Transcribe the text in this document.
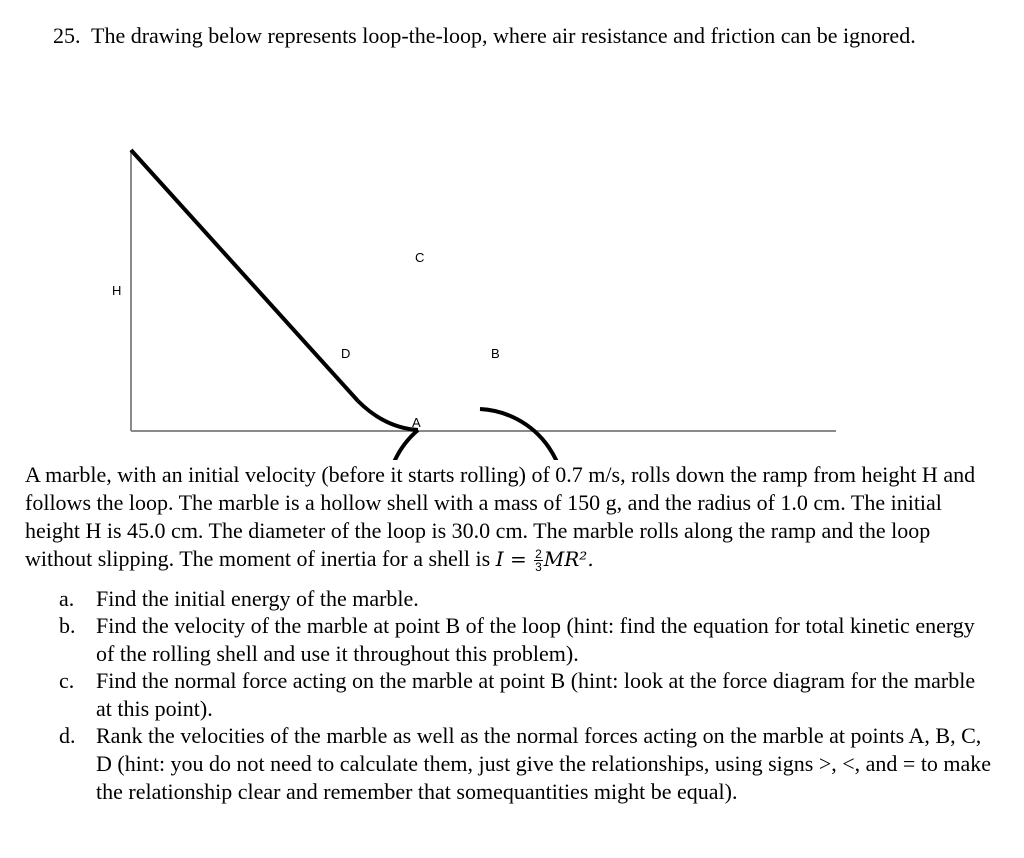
25. The drawing below represents loop-the-loop, where air resistance and friction can be ignored.
H
C
D	B
A
A marble, with an initial velocity (before it starts rolling) of 0.7 m/s, rolls down the ramp from height H and follows the loop. The marble is a hollow shell with a mass of 150 g, and the radius of 1.0 cm. The initial height H is 45.0 cm. The diameter of the loop is 30.0 cm. The marble rolls along the ramp and the loop without slipping. The moment of inertia for a shell is $I = \frac{2}{3} MR^2$.
a. Find the initial energy of the marble.
b. Find the velocity of the marble at point B of the loop (hint: find the equation for total kinetic energy of the rolling shell and use it throughout this problem).
c. Find the normal force acting on the marble at point B (hint: look at the force diagram for the marble at this point).
d. Rank the velocities of the marble as well as the normal forces acting on the marble at points A, B, C, D (hint: you do not need to calculate them, just give the relationships, using signs >, <, and = to make the relationship clear and remember that somequantities might be equal).
